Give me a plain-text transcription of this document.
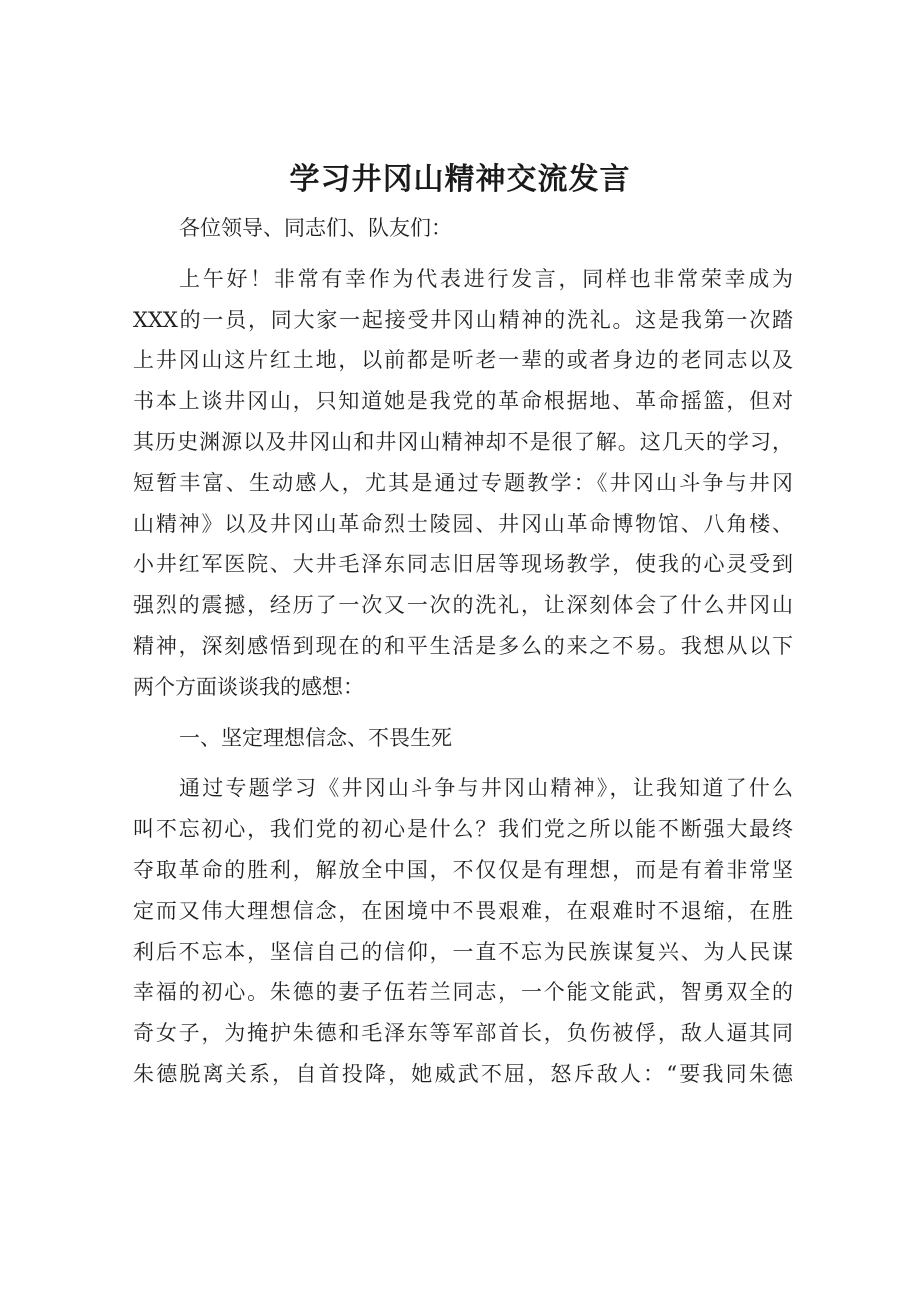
学习井冈山精神交流发言
各位领导、同志们、队友们：
上午好！非常有幸作为代表进行发言，同样也非常荣幸成为
XXX的一员，同大家一起接受井冈山精神的洗礼。这是我第一次踏
上井冈山这片红土地，以前都是听老一辈的或者身边的老同志以及
书本上谈井冈山，只知道她是我党的革命根据地、革命摇篮，但对
其历史渊源以及井冈山和井冈山精神却不是很了解。这几天的学习，
短暂丰富、生动感人，尤其是通过专题教学：《井冈山斗争与井冈
山精神》以及井冈山革命烈士陵园、井冈山革命博物馆、八角楼、
小井红军医院、大井毛泽东同志旧居等现场教学，使我的心灵受到
强烈的震撼，经历了一次又一次的洗礼，让深刻体会了什么井冈山
精神，深刻感悟到现在的和平生活是多么的来之不易。我想从以下
两个方面谈谈我的感想：
一、坚定理想信念、不畏生死
通过专题学习《井冈山斗争与井冈山精神》，让我知道了什么
叫不忘初心，我们党的初心是什么？我们党之所以能不断强大最终
夺取革命的胜利，解放全中国，不仅仅是有理想，而是有着非常坚
定而又伟大理想信念，在困境中不畏艰难，在艰难时不退缩，在胜
利后不忘本，坚信自己的信仰，一直不忘为民族谋复兴、为人民谋
幸福的初心。朱德的妻子伍若兰同志，一个能文能武，智勇双全的
奇女子，为掩护朱德和毛泽东等军部首长，负伤被俘，敌人逼其同
朱德脱离关系，自首投降，她威武不屈，怒斥敌人：“要我同朱德
